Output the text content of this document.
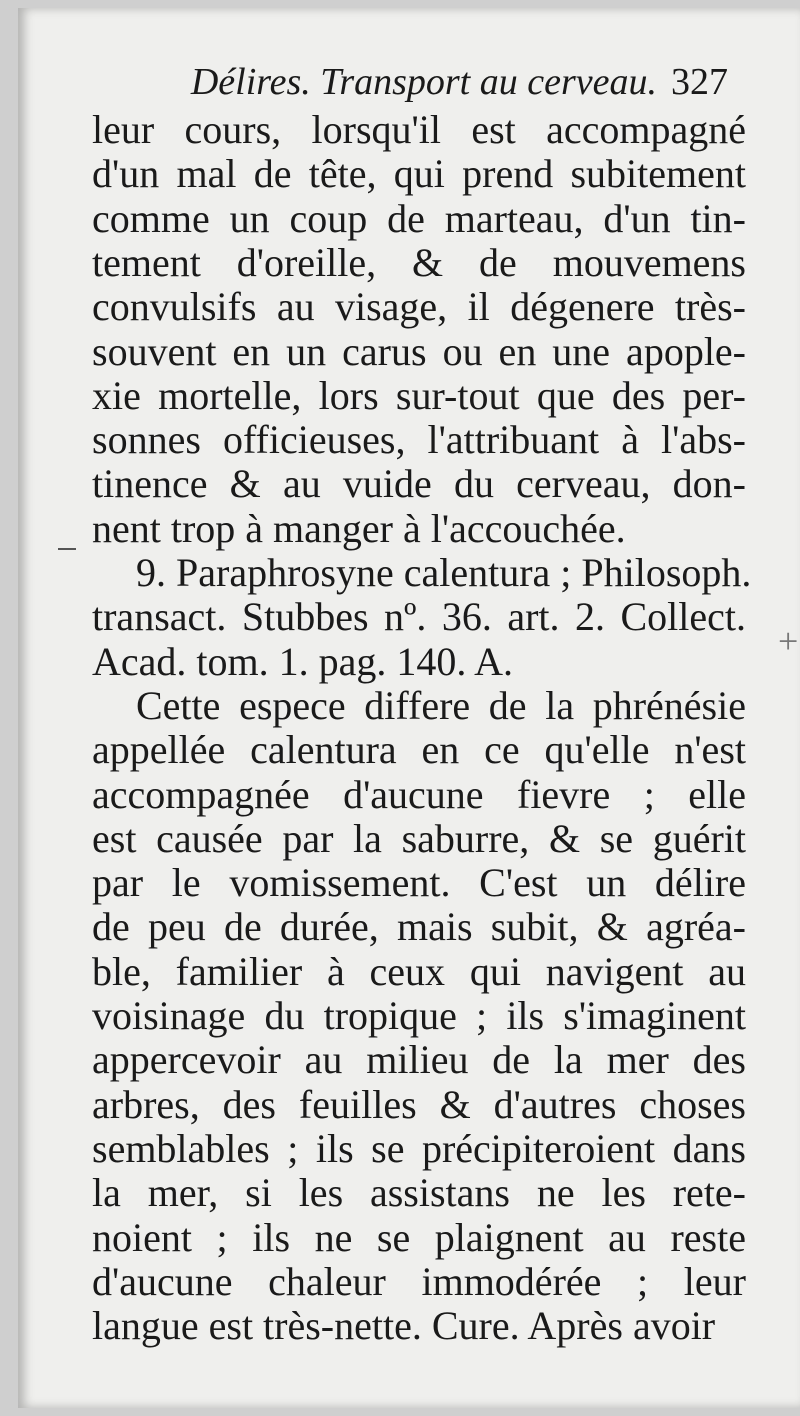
Délires. Transport au cerveau. 327
leur cours, lorsqu'il est accompagné
d'un mal de tête, qui prend subitement
comme un coup de marteau, d'un tin-
tement d'oreille, & de mouvemens
convulsifs au visage, il dégenere très-
souvent en un carus ou en une apople-
xie mortelle, lors sur-tout que des per-
sonnes officieuses, l'attribuant à l'abs-
tinence & au vuide du cerveau, don-
nent trop à manger à l'accouchée.
9. Paraphrosyne calentura ; Philosoph.
transact. Stubbes nº. 36. art. 2. Collect.
Acad. tom. 1. pag. 140. A.
Cette espece differe de la phrénésie
appellée calentura en ce qu'elle n'est
accompagnée d'aucune fievre ; elle
est causée par la saburre, & se guérit
par le vomissement. C'est un délire
de peu de durée, mais subit, & agréa-
ble, familier à ceux qui navigent au
voisinage du tropique ; ils s'imaginent
appercevoir au milieu de la mer des
arbres, des feuilles & d'autres choses
semblables ; ils se précipiteroient dans
la mer, si les assistans ne les rete-
noient ; ils ne se plaignent au reste
d'aucune chaleur immodérée ; leur
langue est très-nette. Cure. Après avoir
+
